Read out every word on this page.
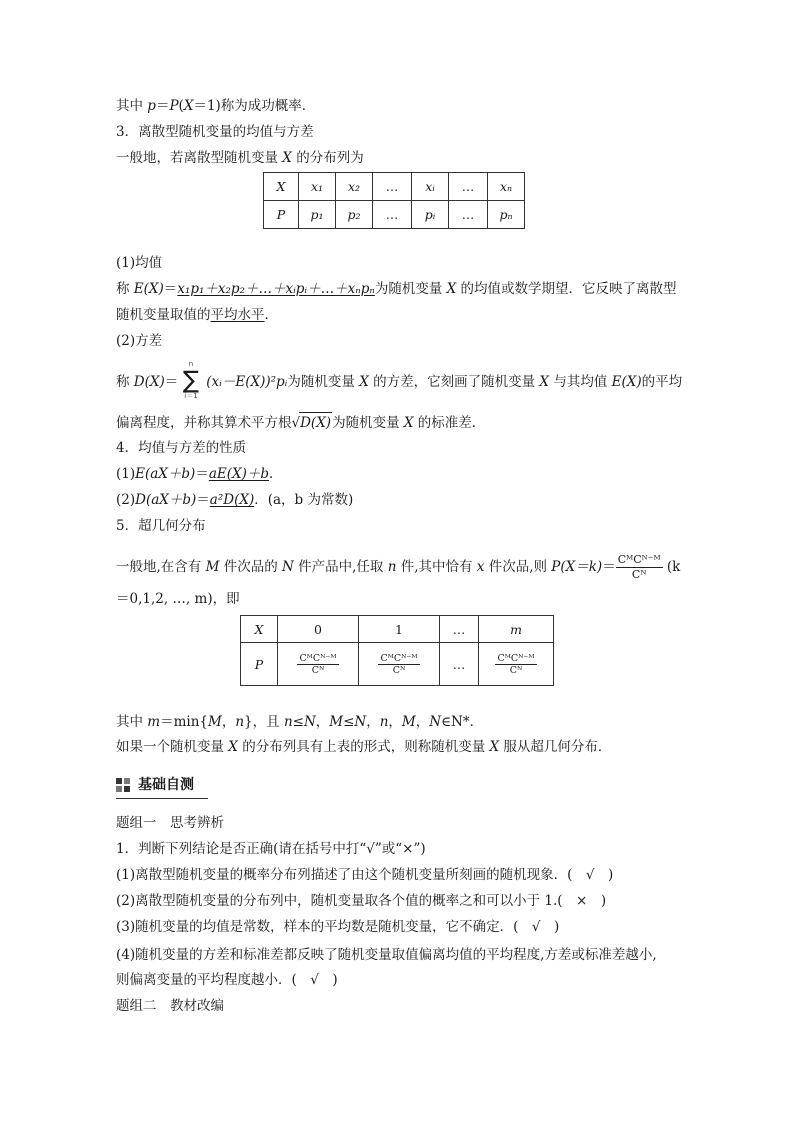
其中 p＝P(X＝1)称为成功概率．
3．离散型随机变量的均值与方差
一般地，若离散型随机变量 X 的分布列为
X	x₁	x₂	…	xᵢ	…	xₙ
P	p₁	p₂	…	pᵢ	…	pₙ
(1)均值
称 E(X)＝x₁p₁＋x₂p₂＋…＋xᵢpᵢ＋…＋xₙpₙ为随机变量 X 的均值或数学期望．它反映了离散型
随机变量取值的平均水平．
(2)方差
n
∑
i＝1
称 D(X)＝ (xᵢ－E(X))²pᵢ为随机变量 X 的方差，它刻画了随机变量 X 与其均值 E(X)的平均
偏离程度，并称其算术平方根√D(X)为随机变量 X 的标准差．
4．均值与方差的性质
(1)E(aX＋b)＝aE(X)＋b．
(2)D(aX＋b)＝a²D(X)．(a，b 为常数)
5．超几何分布
一般地,在含有 M 件次品的 N 件产品中,任取 n 件,其中恰有 x 件次品,则 $P(X=k)= \frac{\text{CᴹCᴺ⁻ᴹ}}{\text{Cᴺ}} (k$
＝0,1,2, …, m)，即
X	0	1	…	m
P	$\frac{\text{CᴹCᴺ⁻ᴹ}}{\text{Cᴺ}}$	$\frac{\text{CᴹCᴺ⁻ᴹ}}{\text{Cᴺ}}$	…	$\frac{\text{CᴹCᴺ⁻ᴹ}}{\text{Cᴺ}}$
其中 m＝min{M，n}，且 n≤N，M≤N，n，M，N∈N*．
如果一个随机变量 X 的分布列具有上表的形式，则称随机变量 X 服从超几何分布．
基础自测
题组一　思考辨析
1．判断下列结论是否正确(请在括号中打“√”或“×”)
(1)离散型随机变量的概率分布列描述了由这个随机变量所刻画的随机现象．(　√　)
(2)离散型随机变量的分布列中，随机变量取各个值的概率之和可以小于 1.(　×　)
(3)随机变量的均值是常数，样本的平均数是随机变量，它不确定．(　√　)
(4)随机变量的方差和标准差都反映了随机变量取值偏离均值的平均程度,方差或标准差越小,
则偏离变量的平均程度越小．(　√　)
题组二　教材改编
